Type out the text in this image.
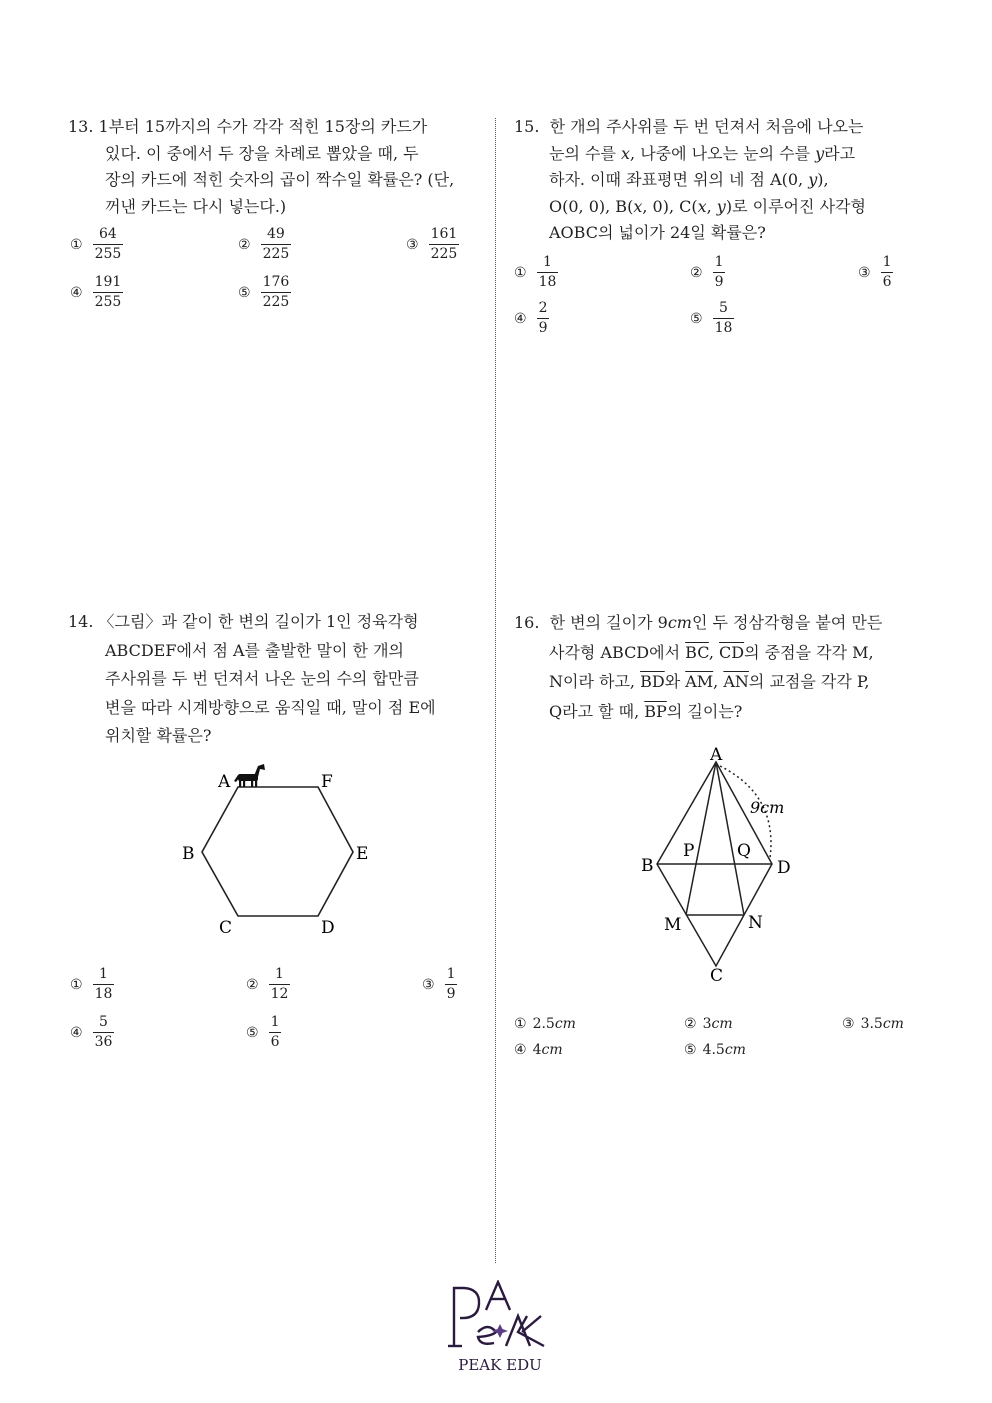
13. 1부터 15까지의 수가 각각 적힌 15장의 카드가

있다. 이 중에서 두 장을 차례로 뽑았을 때, 두

장의 카드에 적힌 숫자의 곱이 짝수일 확률은? (단,

꺼낸 카드는 다시 넣는다.)

① $\frac{64}{255}$	② $\frac{49}{225}$	③ $\frac{161}{225}$
④ $\frac{191}{255}$	⑤ $\frac{176}{225}$

15. 한 개의 주사위를 두 번 던져서 처음에 나오는

눈의 수를 x, 나중에 나오는 눈의 수를 y라고

하자. 이때 좌표평면 위의 네 점 A(0, y),

O(0, 0), B(x, 0), C(x, y)로 이루어진 사각형

AOBC의 넓이가 24일 확률은?

① $\frac{1}{18}$	② $\frac{1}{9}$	③ $\frac{1}{6}$
④ $\frac{2}{9}$	⑤ $\frac{5}{18}$

14. 〈그림〉과 같이 한 변의 길이가 1인 정육각형

ABCDEF에서 점 A를 출발한 말이 한 개의

주사위를 두 번 던져서 나온 눈의 수의 합만큼

변을 따라 시계방향으로 움직일 때, 말이 점 E에

위치할 확률은?

A	F
B	E
C	D
① $\frac{1}{18}$	② $\frac{1}{12}$	③ $\frac{1}{9}$
④ $\frac{5}{36}$	⑤ $\frac{1}{6}$

16. 한 변의 길이가 9cm인 두 정삼각형을 붙여 만든

사각형 ABCD에서 $\overline{BC}$, $\overline{CD}$의 중점을 각각 M,

N이라 하고, $\overline{BD}$와 $\overline{AM}$, $\overline{AN}$의 교점을 각각 P,

Q라고 할 때, $\overline{BP}$의 길이는?

A
B	D
C
P	Q
M	N
9cm
① 2.5 cm	② 3 cm	③ 3.5 cm
④ 4 cm	⑤ 4.5 cm
PEAK EDU
